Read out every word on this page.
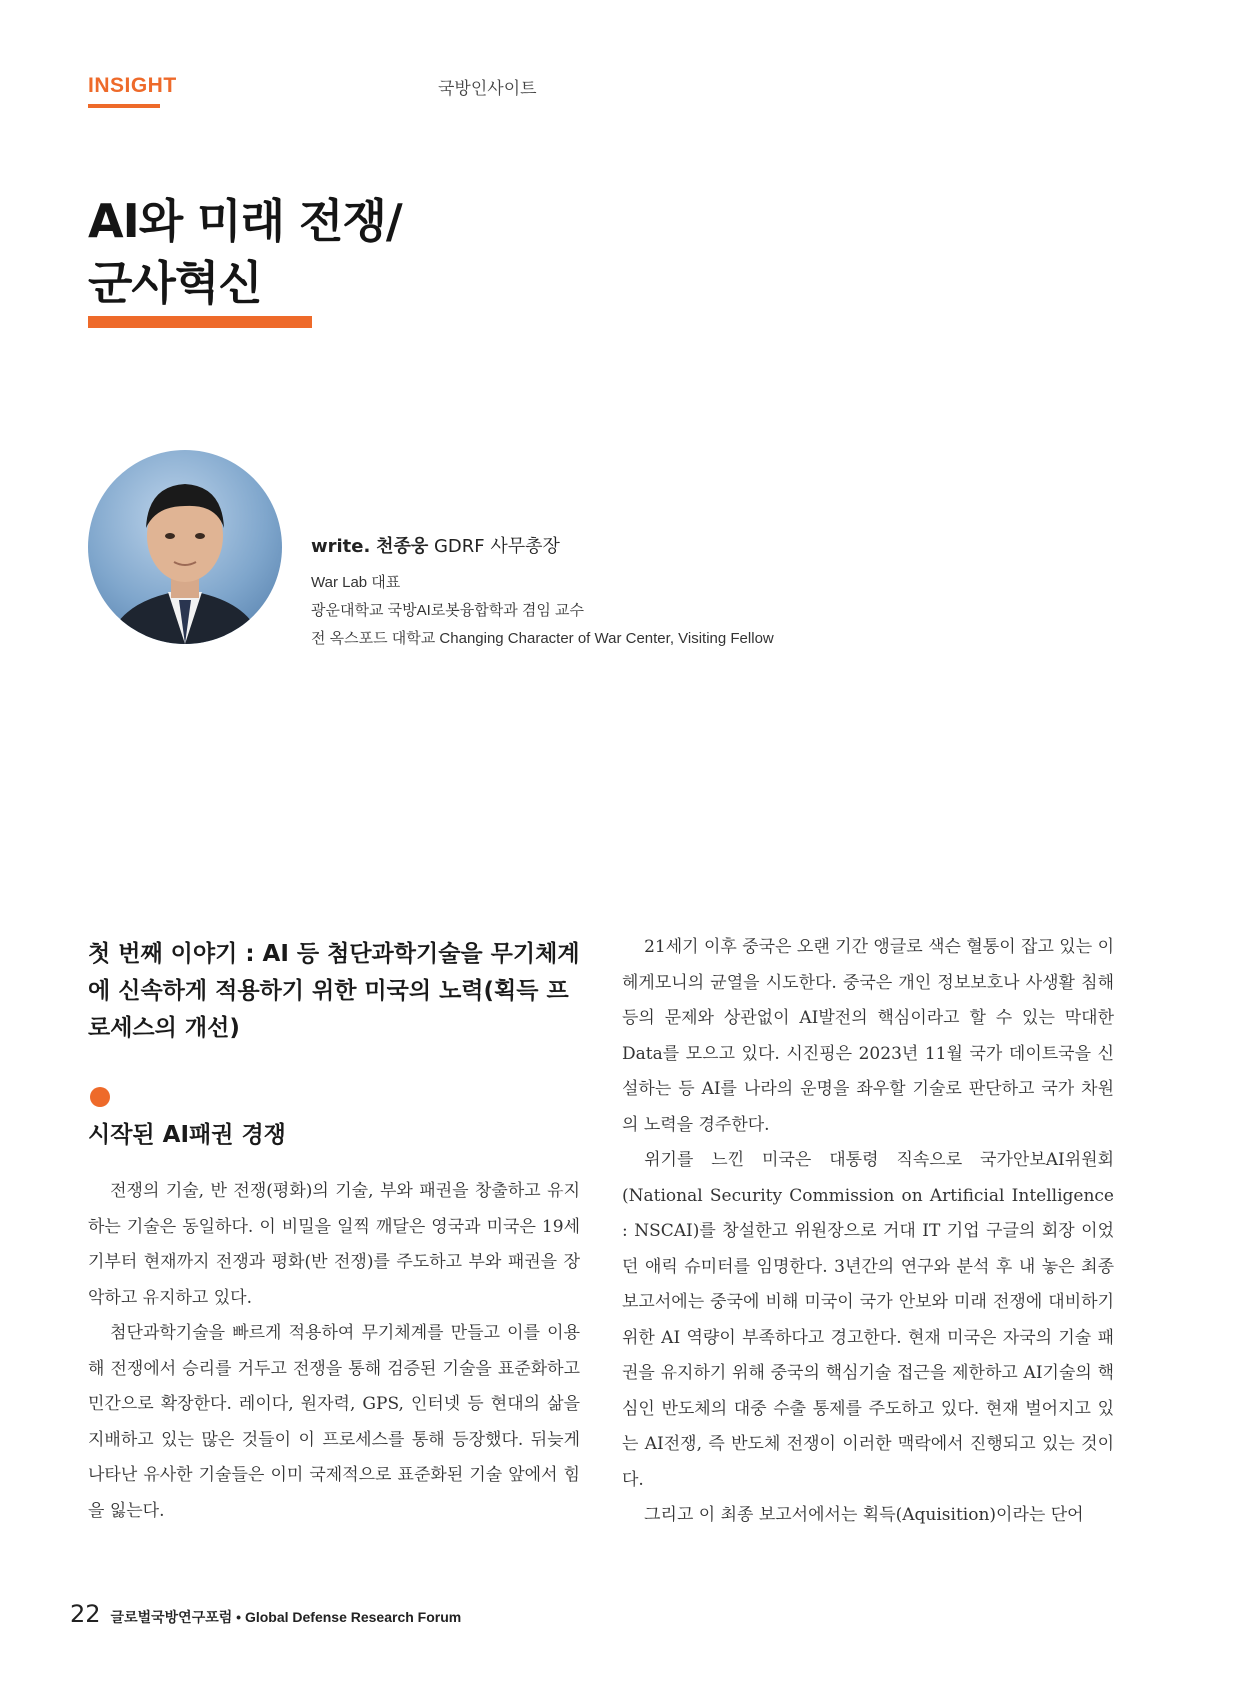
INSIGHT	국방인사이트
AI와 미래 전쟁/
군사혁신
write. 천종웅 GDRF 사무총장
War Lab 대표
광운대학교 국방AI로봇융합학과 겸임 교수
전 옥스포드 대학교 Changing Character of War Center, Visiting Fellow
첫 번째 이야기 : AI 등 첨단과학기술을 무기체계에 신속하게 적용하기 위한 미국의 노력(획득 프로세스의 개선)
시작된 AI패권 경쟁

전쟁의 기술, 반 전쟁(평화)의 기술, 부와 패권을 창출하고 유지하는 기술은 동일하다. 이 비밀을 일찍 깨달은 영국과 미국은 19세기부터 현재까지 전쟁과 평화(반 전쟁)를 주도하고 부와 패권을 장악하고 유지하고 있다.

첨단과학기술을 빠르게 적용하여 무기체계를 만들고 이를 이용해 전쟁에서 승리를 거두고 전쟁을 통해 검증된 기술을 표준화하고 민간으로 확장한다. 레이다, 원자력, GPS, 인터넷 등 현대의 삶을 지배하고 있는 많은 것들이 이 프로세스를 통해 등장했다. 뒤늦게 나타난 유사한 기술들은 이미 국제적으로 표준화된 기술 앞에서 힘을 잃는다.

21세기 이후 중국은 오랜 기간 앵글로 색슨 혈통이 잡고 있는 이 헤게모니의 균열을 시도한다. 중국은 개인 정보보호나 사생활 침해 등의 문제와 상관없이 AI발전의 핵심이라고 할 수 있는 막대한 Data를 모으고 있다. 시진핑은 2023년 11월 국가 데이트국을 신설하는 등 AI를 나라의 운명을 좌우할 기술로 판단하고 국가 차원의 노력을 경주한다.

위기를 느낀 미국은 대통령 직속으로 국가안보AI위원회(National Security Commission on Artificial Intelligence : NSCAI)를 창설한고 위원장으로 거대 IT 기업 구글의 회장 이었던 애릭 슈미터를 임명한다. 3년간의 연구와 분석 후 내 놓은 최종 보고서에는 중국에 비해 미국이 국가 안보와 미래 전쟁에 대비하기 위한 AI 역량이 부족하다고 경고한다. 현재 미국은 자국의 기술 패권을 유지하기 위해 중국의 핵심기술 접근을 제한하고 AI기술의 핵심인 반도체의 대중 수출 통제를 주도하고 있다. 현재 벌어지고 있는 AI전쟁, 즉 반도체 전쟁이 이러한 맥락에서 진행되고 있는 것이다.

그리고 이 최종 보고서에서는 획득(Aquisition)이라는 단어

22 글로벌국방연구포럼 • Global Defense Research Forum
